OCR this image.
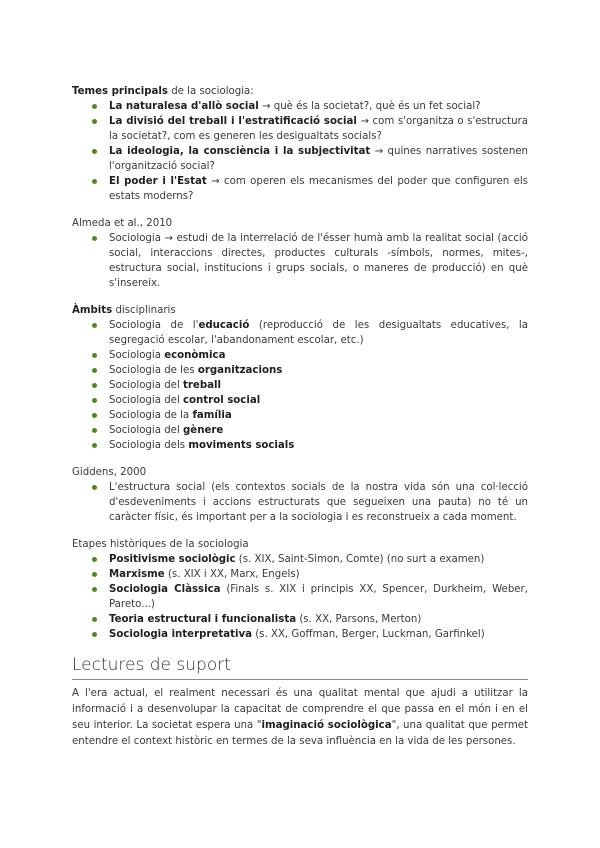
Temes principals de la sociologia:

La naturalesa d'allò social → què és la societat?, què és un fet social?
La divisió del treball i l'estratificació social → com s'organitza o s'estructura la societat?, com es generen les desigualtats socials?
La ideologia, la consciència i la subjectivitat → quines narratives sostenen l'organització social?
El poder i l'Estat → com operen els mecanismes del poder que configuren els estats moderns?

Almeda et al., 2010

Sociologia → estudi de la interrelació de l'ésser humà amb la realitat social (acció social, interaccions directes, productes culturals -símbols, normes, mites-, estructura social, institucions i grups socials, o maneres de producció) en què s'insereix.

Àmbits disciplinaris

Sociologia de l'educació (reproducció de les desigualtats educatives, la segregació escolar, l'abandonament escolar, etc.)
Sociologia econòmica
Sociologia de les organitzacions
Sociologia del treball
Sociologia del control social
Sociologia de la família
Sociologia del gènere
Sociologia dels moviments socials

Giddens, 2000

L'estructura social (els contextos socials de la nostra vida són una col·lecció d'esdeveniments i accions estructurats que segueixen una pauta) no té un caràcter físic, és important per a la sociologia i es reconstrueix a cada moment.

Etapes històriques de la sociologia

Positivisme sociològic (s. XIX, Saint-Simon, Comte) (no surt a examen)
Marxisme (s. XIX i XX, Marx, Engels)
Sociologia Clàssica (Finals s. XIX i principis XX, Spencer, Durkheim, Weber, Pareto...)
Teoria estructural i funcionalista (s. XX, Parsons, Merton)
Sociologia interpretativa (s. XX, Goffman, Berger, Luckman, Garfinkel)
Lectures de suport

A l'era actual, el realment necessari és una qualitat mental que ajudi a utilitzar la informació i a desenvolupar la capacitat de comprendre el que passa en el món i en el seu interior. La societat espera una "imaginació sociològica", una qualitat que permet entendre el context històric en termes de la seva influència en la vida de les persones.
